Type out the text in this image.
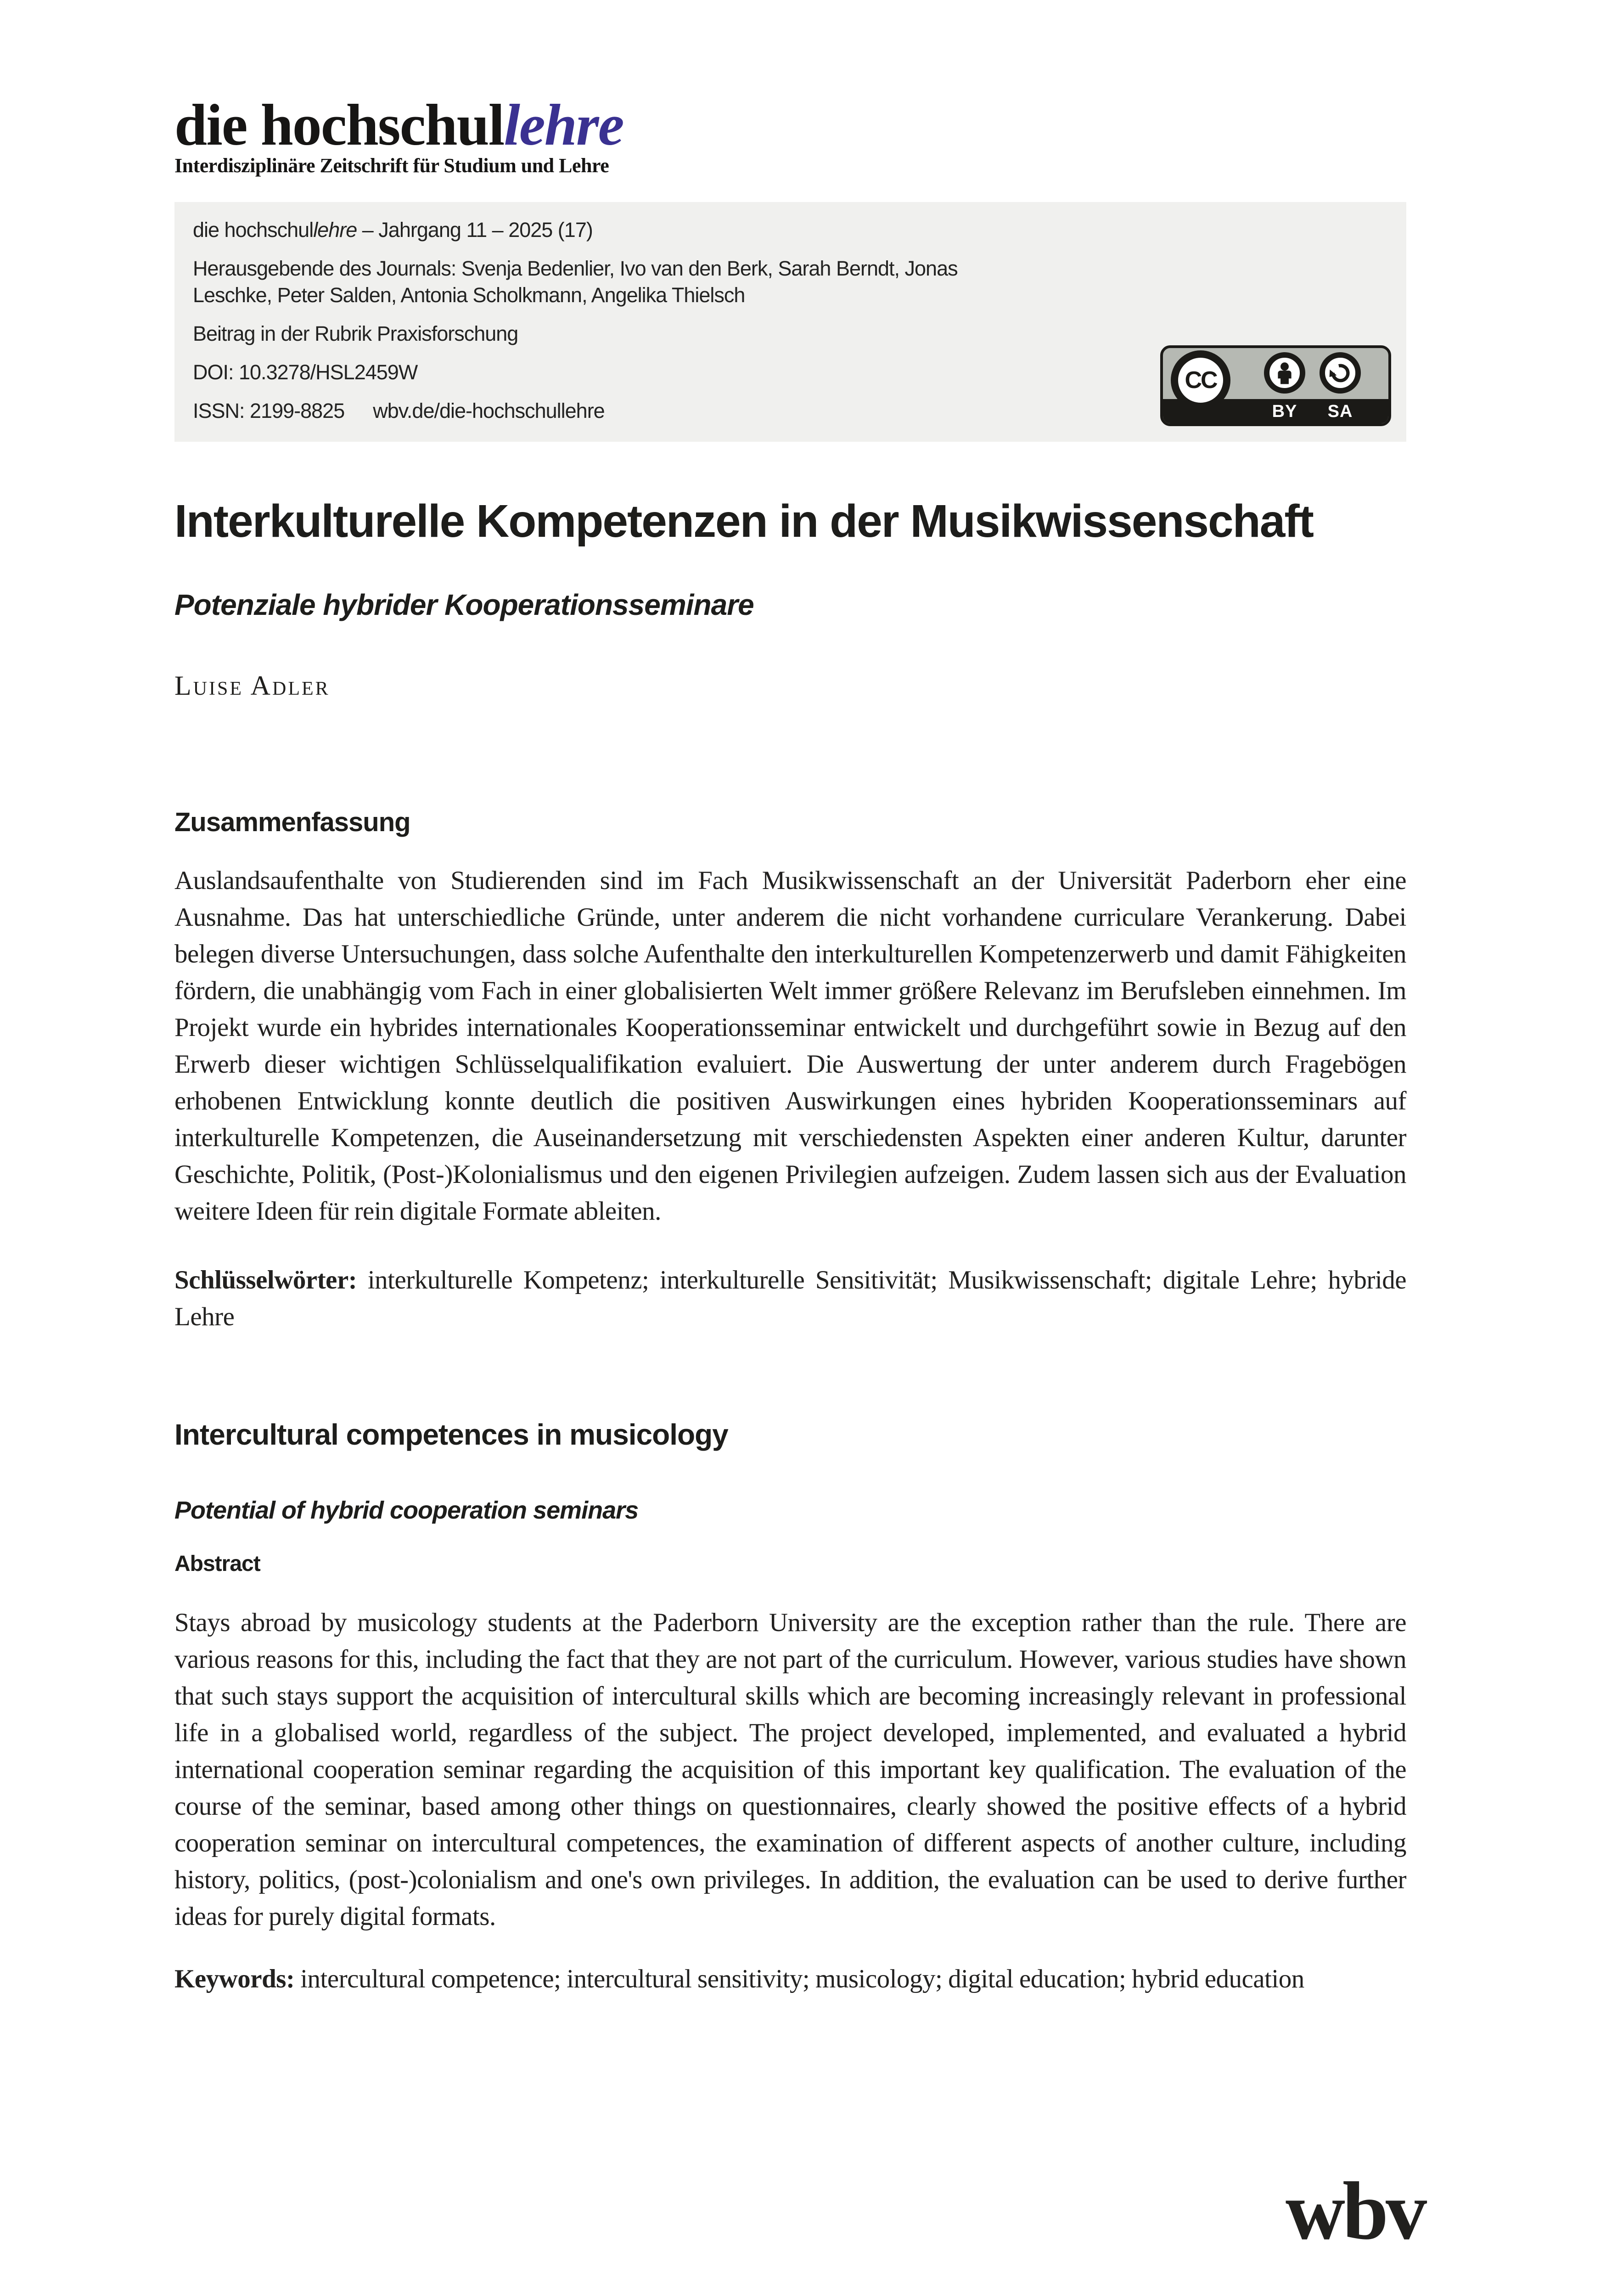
die hochschullehre
Interdisziplinäre Zeitschrift für Studium und Lehre

die hochschullehre – Jahrgang 11 – 2025 (17)

Herausgebende des Journals: Svenja Bedenlier, Ivo van den Berk, Sarah Berndt, Jonas Leschke, Peter Salden, Antonia Scholkmann, Angelika Thielsch

Beitrag in der Rubrik Praxisforschung

DOI: 10.3278/HSL2459W

ISSN: 2199-8825 wbv.de/die-hochschullehre	BY SA
CC
Interkulturelle Kompetenzen in der Musikwissenschaft
Potenziale hybrider Kooperationsseminare
Luise Adler
Zusammenfassung

Auslandsaufenthalte von Studierenden sind im Fach Musikwissenschaft an der Universität Paderborn eher eine Ausnahme. Das hat unterschiedliche Gründe, unter anderem die nicht vorhandene curriculare Verankerung. Dabei belegen diverse Untersuchungen, dass solche Aufenthalte den interkulturellen Kompetenzerwerb und damit Fähigkeiten fördern, die unabhängig vom Fach in einer globalisierten Welt immer größere Relevanz im Berufsleben einnehmen. Im Projekt wurde ein hybrides internationales Kooperationsseminar entwickelt und durchgeführt sowie in Bezug auf den Erwerb dieser wichtigen Schlüsselqualifikation evaluiert. Die Auswertung der unter anderem durch Fragebögen erhobenen Entwicklung konnte deutlich die positiven Auswirkungen eines hybriden Kooperationsseminars auf interkulturelle Kompetenzen, die Auseinandersetzung mit verschiedensten Aspekten einer anderen Kultur, darunter Geschichte, Politik, (Post-)Kolonialismus und den eigenen Privilegien aufzeigen. Zudem lassen sich aus der Evaluation weitere Ideen für rein digitale Formate ableiten.

Schlüsselwörter: interkulturelle Kompetenz; interkulturelle Sensitivität; Musikwissenschaft; digitale Lehre; hybride Lehre

Intercultural competences in musicology
Potential of hybrid cooperation seminars
Abstract

Stays abroad by musicology students at the Paderborn University are the exception rather than the rule. There are various reasons for this, including the fact that they are not part of the curriculum. However, various studies have shown that such stays support the acquisition of intercultural skills which are becoming increasingly relevant in professional life in a globalised world, regardless of the subject. The project developed, implemented, and evaluated a hybrid international cooperation seminar regarding the acquisition of this important key qualification. The evaluation of the course of the seminar, based among other things on questionnaires, clearly showed the positive effects of a hybrid cooperation seminar on intercultural competences, the examination of different aspects of another culture, including history, politics, (post-)colonialism and one's own privileges. In addition, the evaluation can be used to derive further ideas for purely digital formats.

Keywords: intercultural competence; intercultural sensitivity; musicology; digital education; hybrid education

wbv
